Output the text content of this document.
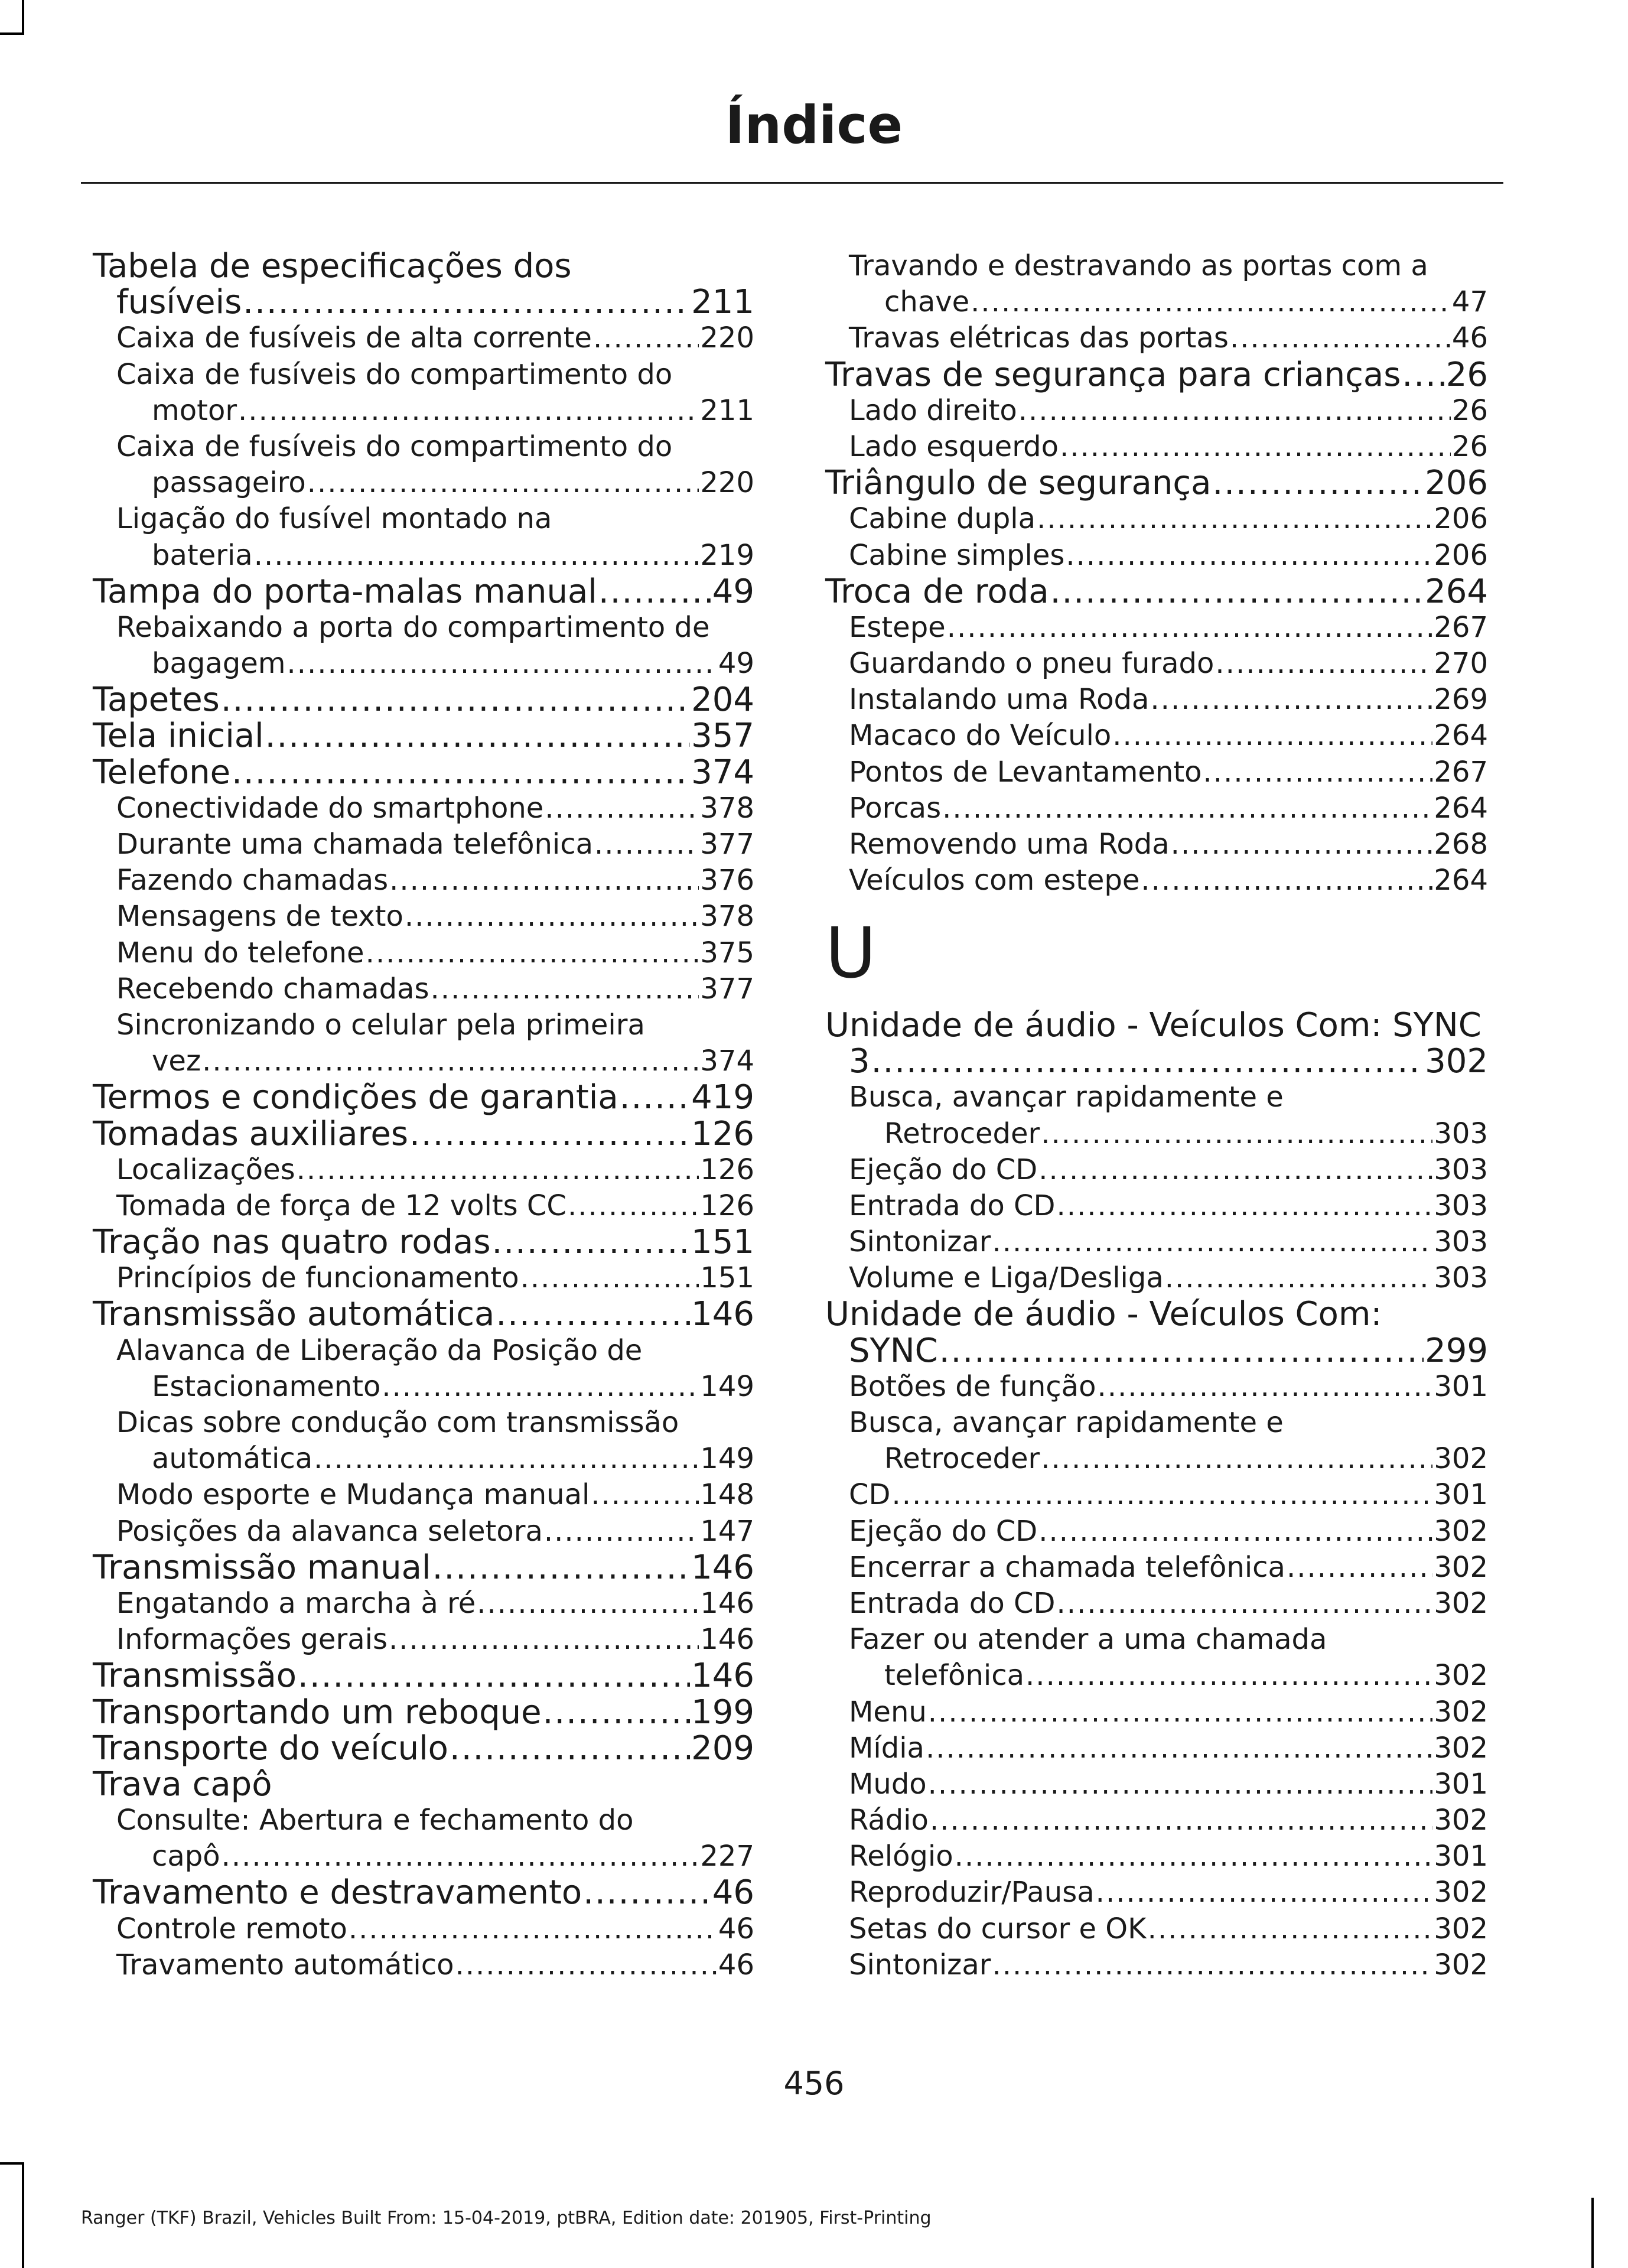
Índice
Tabela de especificações dos
fusíveis .....	211
Caixa de fusíveis de alta corrente .....	220
Caixa de fusíveis do compartimento do
motor .....	211
Caixa de fusíveis do compartimento do
passageiro .....	220
Ligação do fusível montado na
bateria .....	219
Tampa do porta-malas manual .....	49
Rebaixando a porta do compartimento de
bagagem .....	49
Tapetes .....	204
Tela inicial .....	357
Telefone .....	374
Conectividade do smartphone .....	378
Durante uma chamada telefônica .....	377
Fazendo chamadas .....	376
Mensagens de texto .....	378
Menu do telefone .....	375
Recebendo chamadas .....	377
Sincronizando o celular pela primeira
vez .....	374
Termos e condições de garantia ..... 419
Tomadas auxiliares .....	126
Localizações .....	126
Tomada de força de 12 volts CC .....	126
Tração nas quatro rodas .....	151
Princípios de funcionamento .....	151
Transmissão automática .....	146
Alavanca de Liberação da Posição de
Estacionamento .....	149
Dicas sobre condução com transmissão
automática .....	149
Modo esporte e Mudança manual .....	148
Posições da alavanca seletora .....	147
Transmissão manual .....	146
Engatando a marcha à ré .....	146
Informações gerais .....	146
Transmissão .....	146
Transportando um reboque .....	199
Transporte do veículo .....	209
Trava capô
Consulte: Abertura e fechamento do
capô .....	227
Travamento e destravamento .....	46
Controle remoto .....	46
Travamento automático .....	46
Travando e destravando as portas com a
chave .....	47
Travas elétricas das portas .....	46
Travas de segurança para crianças ..... 26
Lado direito .....	26
Lado esquerdo .....	26
Triângulo de segurança .....	206
Cabine dupla .....	206
Cabine simples .....	206
Troca de roda .....	264
Estepe .....	267
Guardando o pneu furado .....	270
Instalando uma Roda .....	269
Macaco do Veículo .....	264
Pontos de Levantamento .....	267
Porcas .....	264
Removendo uma Roda .....	268
Veículos com estepe .....	264
U
Unidade de áudio - Veículos Com: SYNC
3 .....	302
Busca, avançar rapidamente e
Retroceder .....	303
Ejeção do CD .....	303
Entrada do CD .....	303
Sintonizar .....	303
Volume e Liga/Desliga .....	303
Unidade de áudio - Veículos Com:
SYNC .....	299
Botões de função .....	301
Busca, avançar rapidamente e
Retroceder .....	302
CD .....	301
Ejeção do CD .....	302
Encerrar a chamada telefônica .....	302
Entrada do CD .....	302
Fazer ou atender a uma chamada
telefônica .....	302
Menu .....	302
Mídia .....	302
Mudo .....	301
Rádio .....	302
Relógio .....	301
Reproduzir/Pausa .....	302
Setas do cursor e OK .....	302
Sintonizar .....	302
456
Ranger (TKF) Brazil, Vehicles Built From: 15-04-2019, ptBRA, Edition date: 201905, First-Printing
